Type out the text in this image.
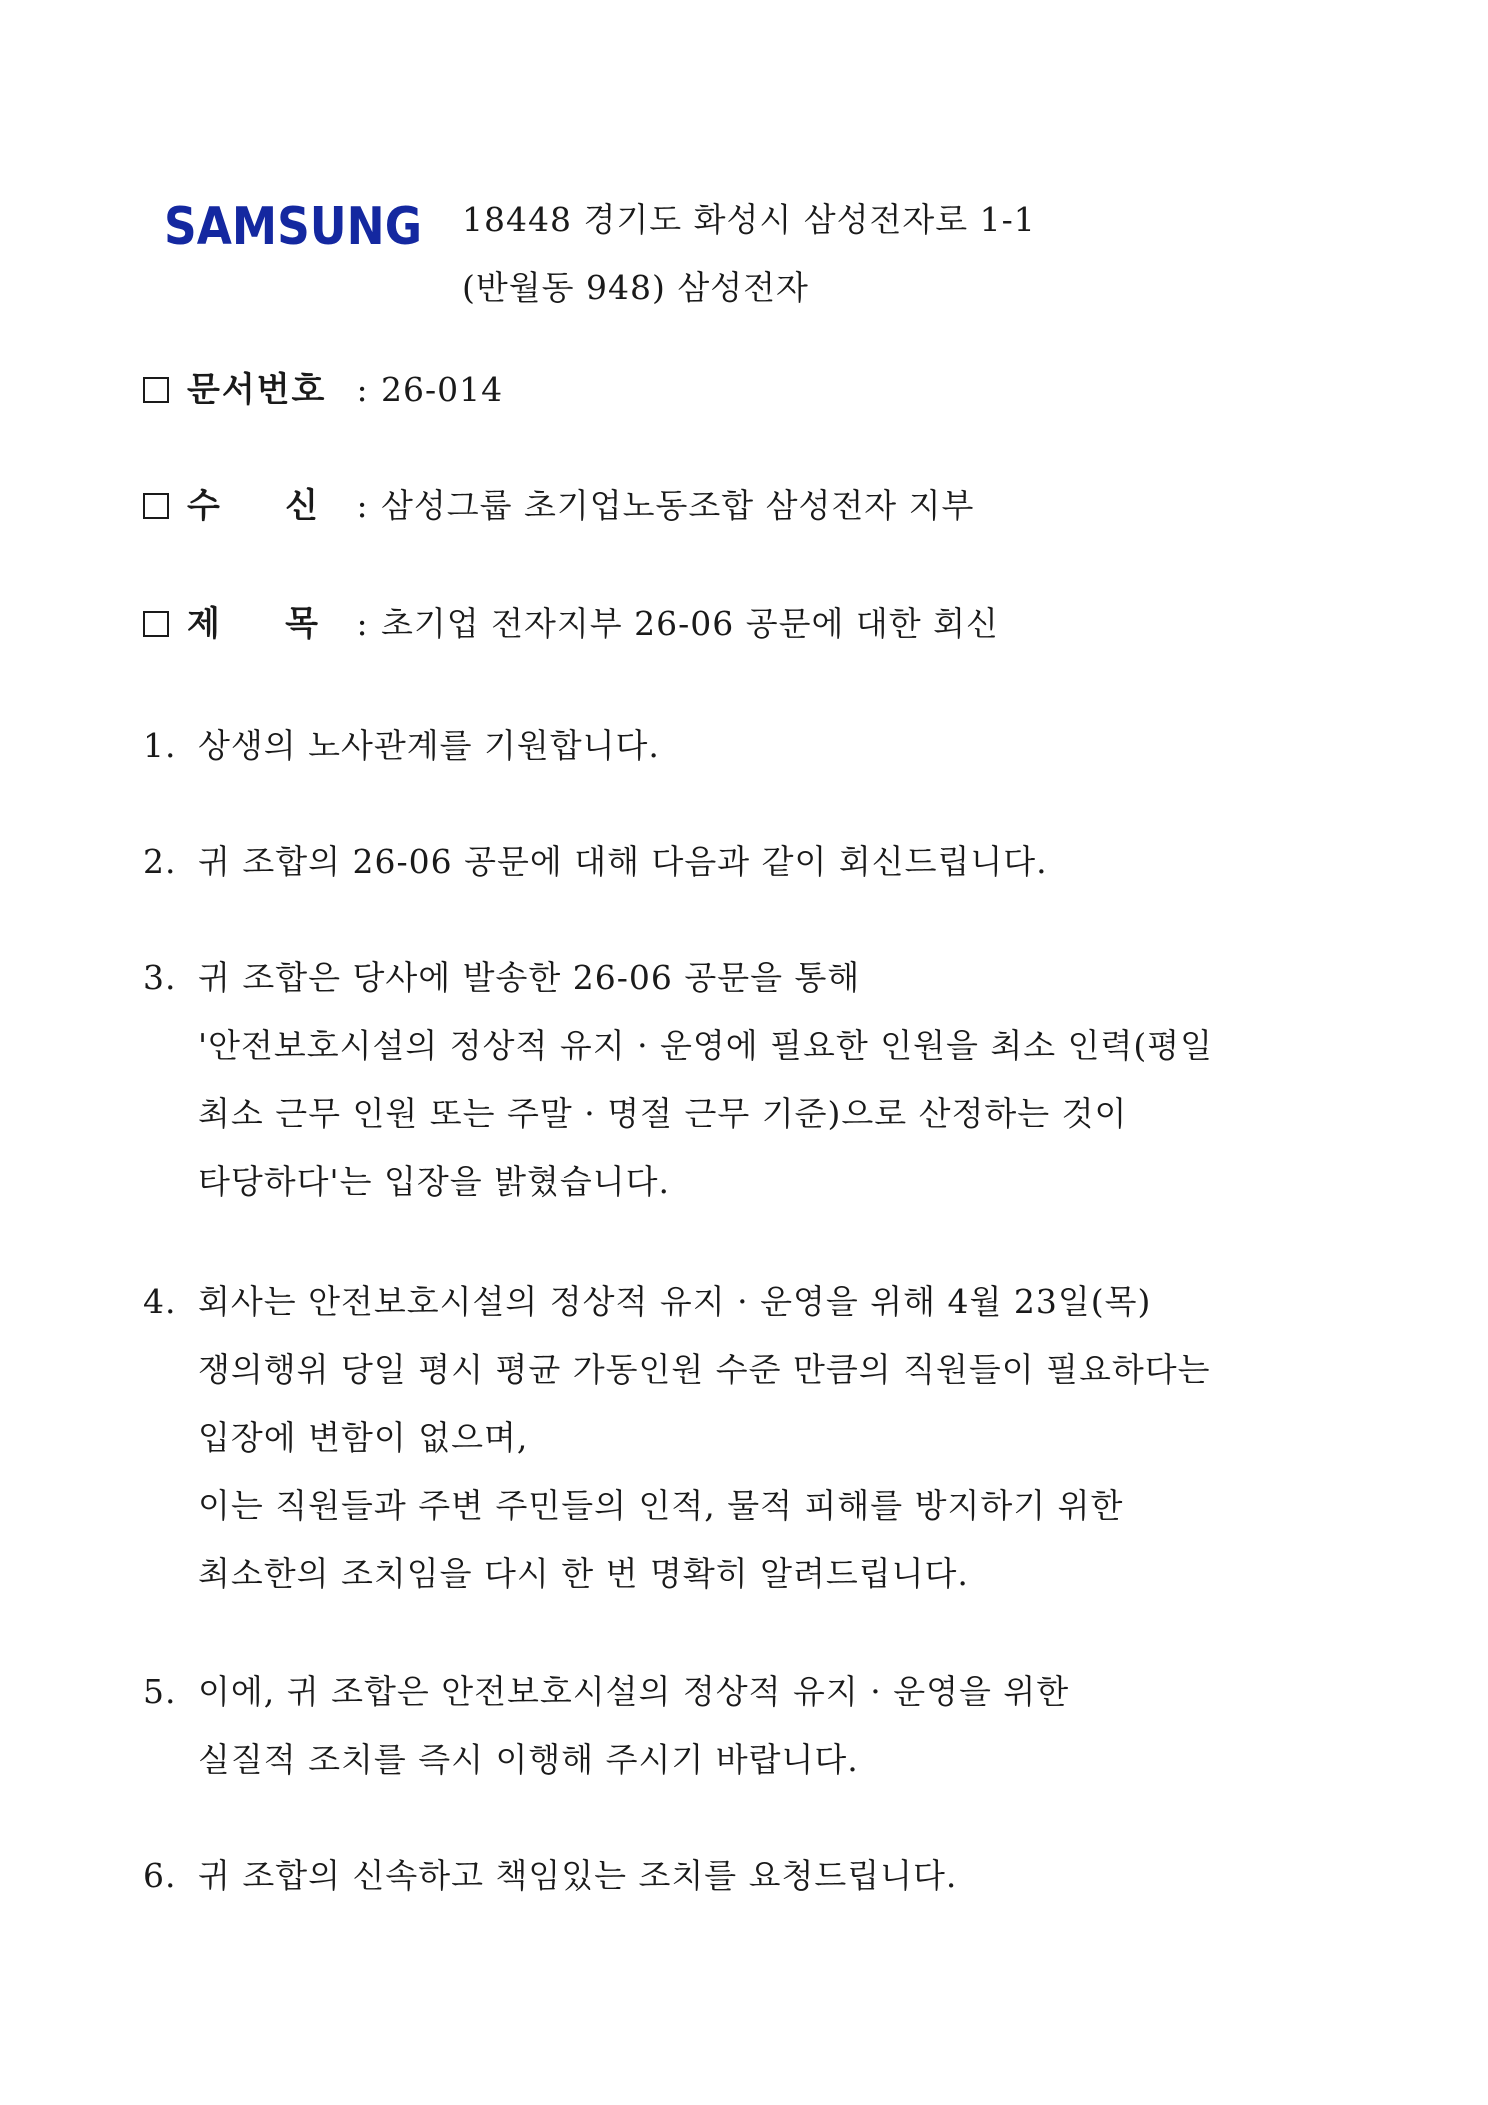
SAMSUNG 18448 경기도 화성시 삼성전자로 1-1
(반월동 948) 삼성전자
문서번호 : 26-014
수 신 : 삼성그룹 초기업노동조합 삼성전자 지부
제 목 : 초기업 전자지부 26-06 공문에 대한 회신
1. 상생의 노사관계를 기원합니다.
2. 귀 조합의 26-06 공문에 대해 다음과 같이 회신드립니다.
3. 귀 조합은 당사에 발송한 26-06 공문을 통해
'안전보호시설의 정상적 유지 · 운영에 필요한 인원을 최소 인력(평일
최소 근무 인원 또는 주말 · 명절 근무 기준)으로 산정하는 것이
타당하다'는 입장을 밝혔습니다.
4. 회사는 안전보호시설의 정상적 유지 · 운영을 위해 4월 23일(목)
쟁의행위 당일 평시 평균 가동인원 수준 만큼의 직원들이 필요하다는
입장에 변함이 없으며,
이는 직원들과 주변 주민들의 인적, 물적 피해를 방지하기 위한
최소한의 조치임을 다시 한 번 명확히 알려드립니다.
5. 이에, 귀 조합은 안전보호시설의 정상적 유지 · 운영을 위한
실질적 조치를 즉시 이행해 주시기 바랍니다.
6. 귀 조합의 신속하고 책임있는 조치를 요청드립니다.
